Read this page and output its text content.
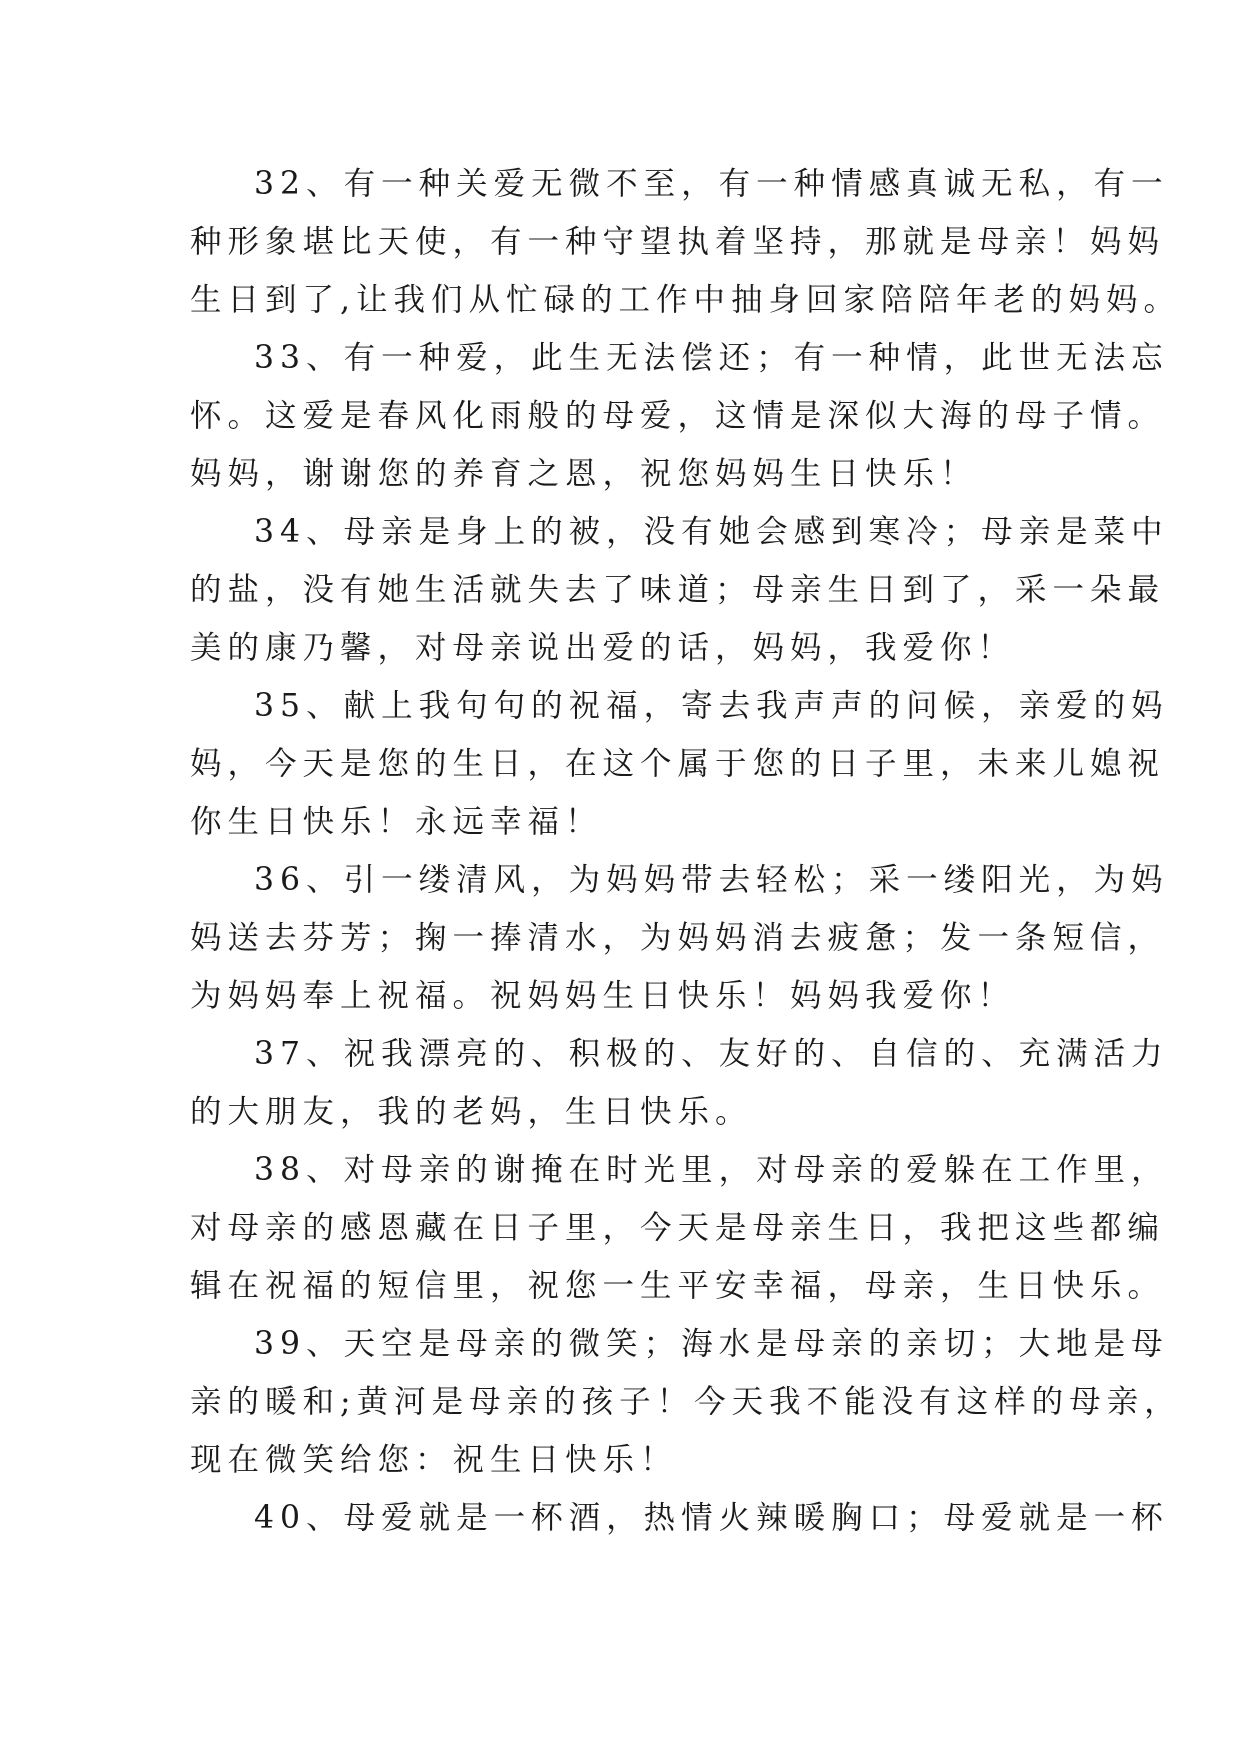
32、有一种关爱无微不至，有一种情感真诚无私，有一
种形象堪比天使，有一种守望执着坚持，那就是母亲！妈妈
生日到了,让我们从忙碌的工作中抽身回家陪陪年老的妈妈。
33、有一种爱，此生无法偿还；有一种情，此世无法忘
怀。这爱是春风化雨般的母爱，这情是深似大海的母子情。
妈妈，谢谢您的养育之恩，祝您妈妈生日快乐！
34、母亲是身上的被，没有她会感到寒冷；母亲是菜中
的盐，没有她生活就失去了味道；母亲生日到了，采一朵最
美的康乃馨，对母亲说出爱的话，妈妈，我爱你！
35、献上我句句的祝福，寄去我声声的问候，亲爱的妈
妈，今天是您的生日，在这个属于您的日子里，未来儿媳祝
你生日快乐！永远幸福！
36、引一缕清风，为妈妈带去轻松；采一缕阳光，为妈
妈送去芬芳；掬一捧清水，为妈妈消去疲惫；发一条短信，
为妈妈奉上祝福。祝妈妈生日快乐！妈妈我爱你！
37、祝我漂亮的、积极的、友好的、自信的、充满活力
的大朋友，我的老妈，生日快乐。
38、对母亲的谢掩在时光里，对母亲的爱躲在工作里，
对母亲的感恩藏在日子里，今天是母亲生日，我把这些都编
辑在祝福的短信里，祝您一生平安幸福，母亲，生日快乐。
39、天空是母亲的微笑；海水是母亲的亲切；大地是母
亲的暖和;黄河是母亲的孩子！今天我不能没有这样的母亲，
现在微笑给您：祝生日快乐！
40、母爱就是一杯酒，热情火辣暖胸口；母爱就是一杯
